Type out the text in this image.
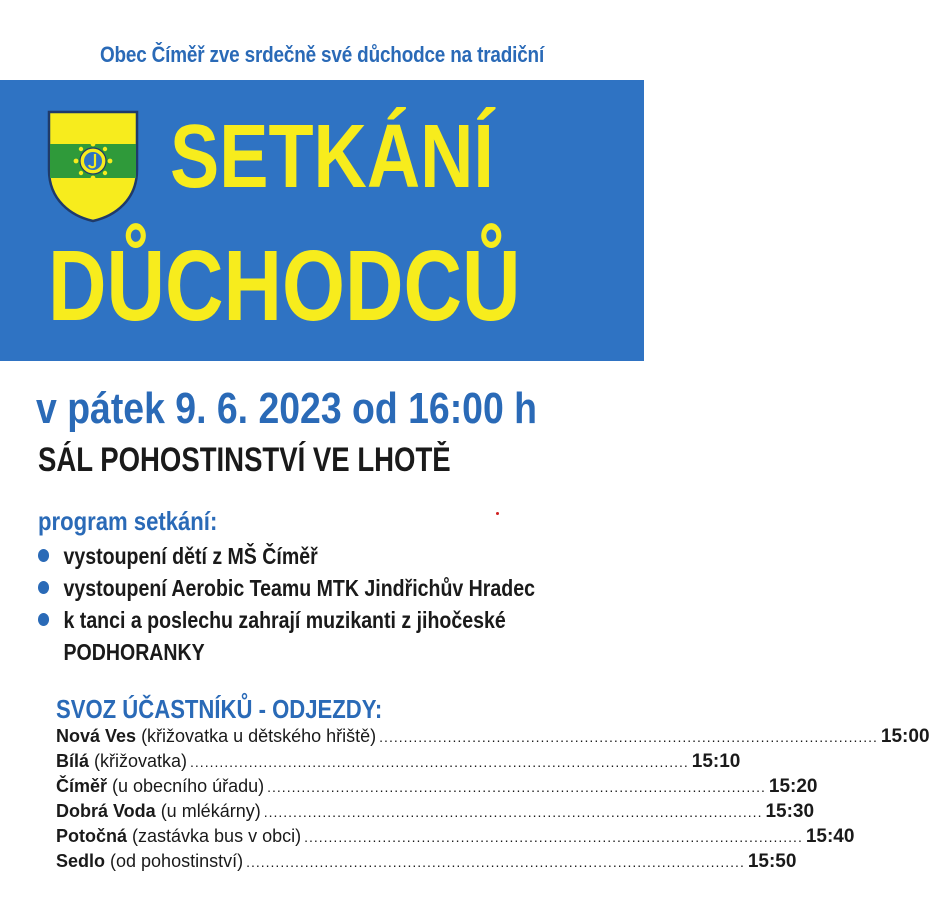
Obec Číměř zve srdečně své důchodce na tradiční
SETKÁNÍ
DŮCHODCŮ
v pátek 9. 6. 2023 od 16:00 h
SÁL POHOSTINSTVÍ VE LHOTĚ
program setkání:
vystoupení dětí z MŠ Číměř
vystoupení Aerobic Teamu MTK Jindřichův Hradec
k tanci a poslechu zahrají muzikanti z jihočeské PODHORANKY
SVOZ ÚČASTNÍKŮ - ODJEZDY:
Nová Ves (křižovatka u dětského hřiště) ...................................................................................................... 15:00
Bílá (křižovatka) ...................................................................................................... 15:10
Číměř (u obecního úřadu) ...................................................................................................... 15:20
Dobrá Voda (u mlékárny) ...................................................................................................... 15:30
Potočná (zastávka bus v obci) ...................................................................................................... 15:40
Sedlo (od pohostinství) ...................................................................................................... 15:50
